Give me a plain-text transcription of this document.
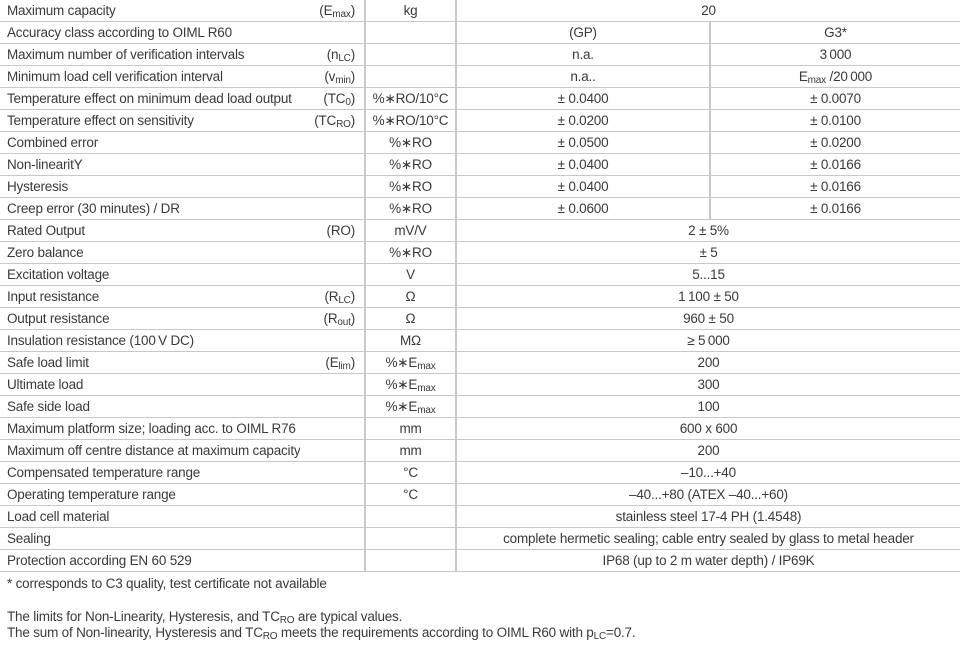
Maximum capacity	$(E_{max})$	kg	20	
Accuracy class according to OIML R60			(GP)	G3*
Maximum number of verification intervals	$(n_{LC})$		n.a.	3 000
Minimum load cell verification interval	$(v_{min})$		n.a..	$E_{max}$ /20 000
Temperature effect on minimum dead load output	$(TC_0)$	%∗RO/10°C	± 0.0400	± 0.0070
Temperature effect on sensitivity	$(TC_{RO})$	%∗RO/10°C	± 0.0200	± 0.0100
Combined error		%∗RO	± 0.0500	± 0.0200
Non-linearitY		%∗RO	± 0.0400	± 0.0166
Hysteresis		%∗RO	± 0.0400	± 0.0166
Creep error (30 minutes) / DR		%∗RO	± 0.0600	± 0.0166
Rated Output	(RO)	mV/V	2 ± 5%	
Zero balance		%∗RO	± 5	
Excitation voltage		V	5...15	
Input resistance	$(R_{LC})$	Ω	1 100 ± 50	
Output resistance	$(R_{out})$	Ω	960 ± 50	
Insulation resistance (100 V DC)		MΩ	≥ 5 000	
Safe load limit	$(E_{lim})$	$\%∗E_{max}$	200	
Ultimate load		$\%∗E_{max}$	300	
Safe side load		$\%∗E_{max}$	100	
Maximum platform size; loading acc. to OIML R76		mm	600 x 600	
Maximum off centre distance at maximum capacity		mm	200	
Compensated temperature range		°C	–10...+40	
Operating temperature range		°C	–40...+80 (ATEX –40...+60)	
Load cell material			stainless steel 17-4 PH (1.4548)	
Sealing			complete hermetic sealing; cable entry sealed by glass to metal header	
Protection according EN 60 529			IP68 (up to 2 m water depth) / IP69K	
* corresponds to C3 quality, test certificate not available
The limits for Non-Linearity, Hysteresis, and $TC_{RO}$ are typical values.
The sum of Non-linearity, Hysteresis and $TC_{RO}$ meets the requirements according to OIML R60 with $p_{LC}=0.7$.
